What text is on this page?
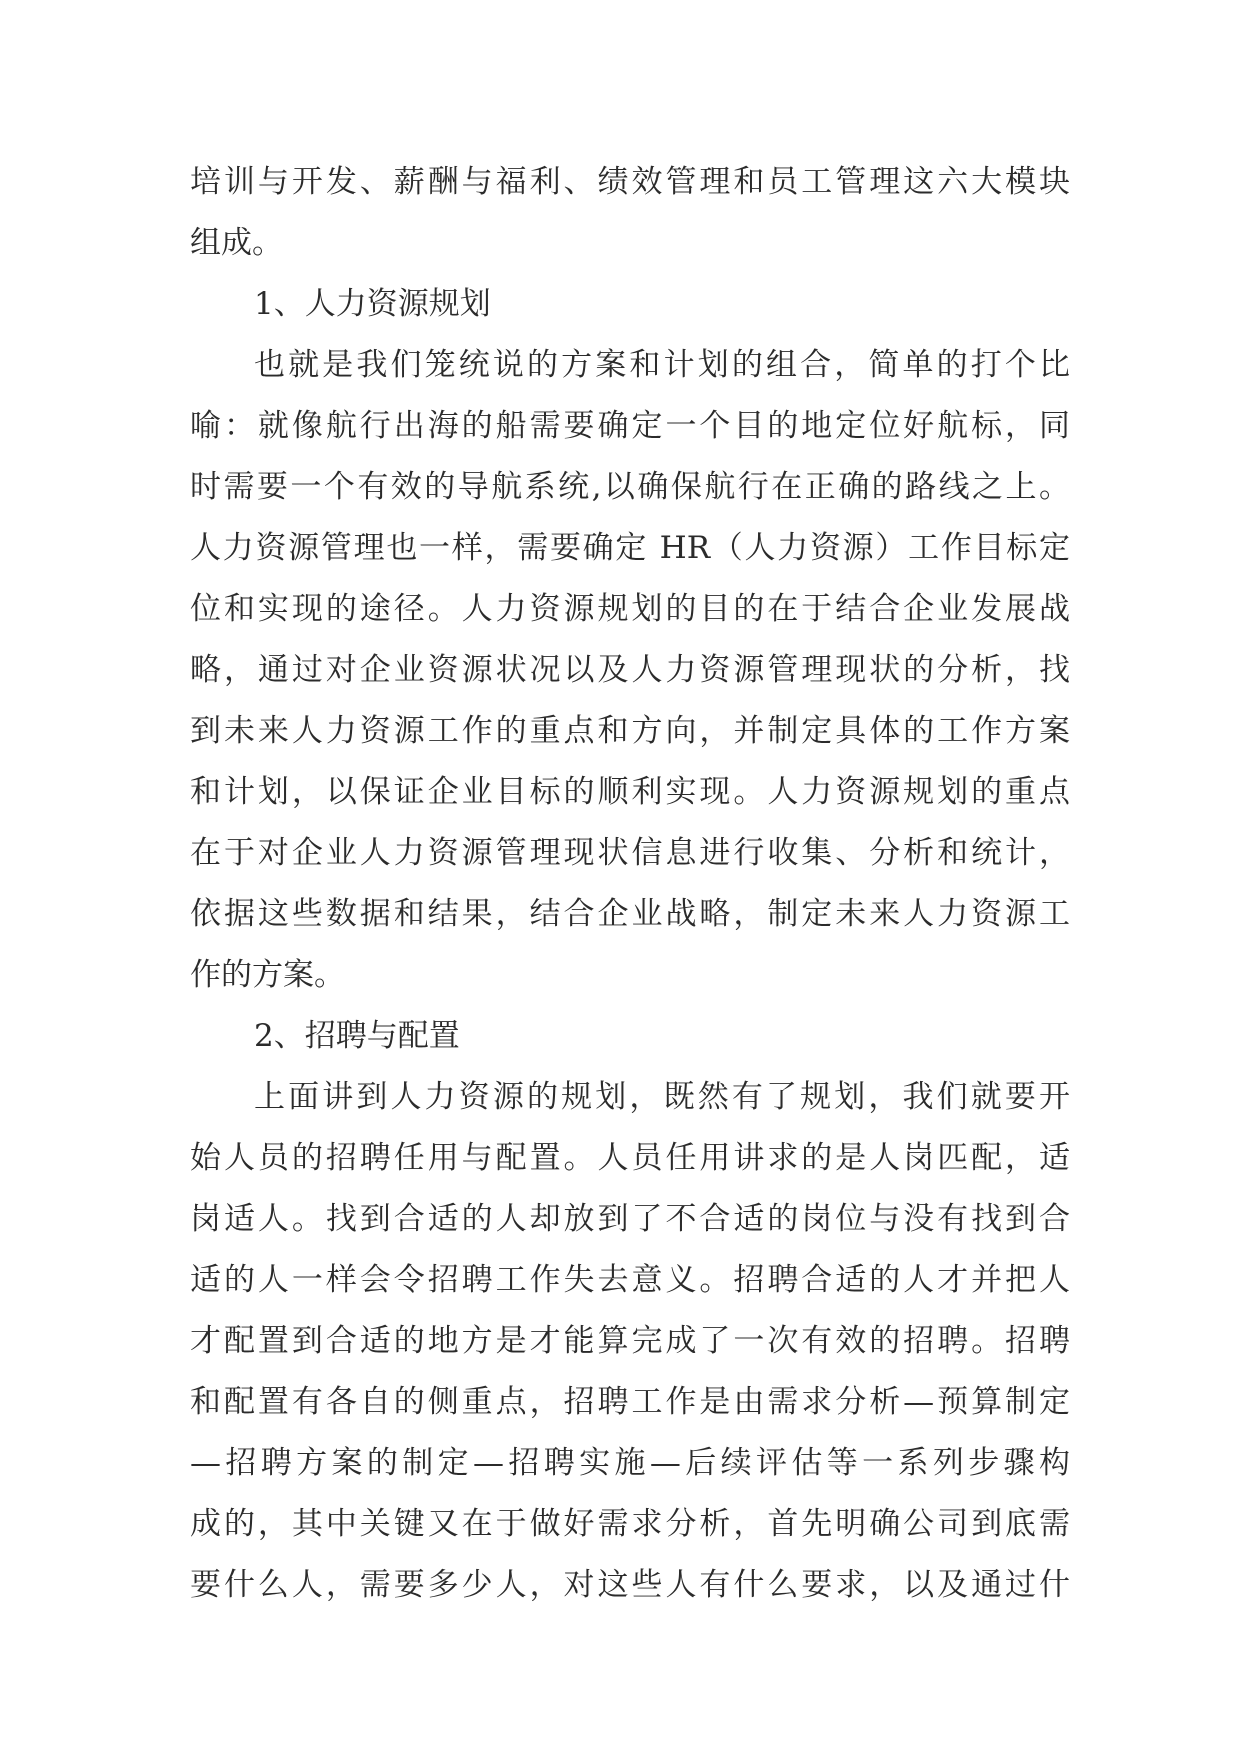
培训与开发、薪酬与福利、绩效管理和员工管理这六大模块
组成。
1、人力资源规划
也就是我们笼统说的方案和计划的组合，简单的打个比
喻：就像航行出海的船需要确定一个目的地定位好航标，同
时需要一个有效的导航系统,以确保航行在正确的路线之上。
人力资源管理也一样，需要确定 HR（人力资源）工作目标定
位和实现的途径。人力资源规划的目的在于结合企业发展战
略，通过对企业资源状况以及人力资源管理现状的分析，找
到未来人力资源工作的重点和方向，并制定具体的工作方案
和计划，以保证企业目标的顺利实现。人力资源规划的重点
在于对企业人力资源管理现状信息进行收集、分析和统计，
依据这些数据和结果，结合企业战略，制定未来人力资源工
作的方案。
2、招聘与配置
上面讲到人力资源的规划，既然有了规划，我们就要开
始人员的招聘任用与配置。人员任用讲求的是人岗匹配，适
岗适人。找到合适的人却放到了不合适的岗位与没有找到合
适的人一样会令招聘工作失去意义。招聘合适的人才并把人
才配置到合适的地方是才能算完成了一次有效的招聘。招聘
和配置有各自的侧重点，招聘工作是由需求分析—预算制定
—招聘方案的制定—招聘实施—后续评估等一系列步骤构
成的，其中关键又在于做好需求分析，首先明确公司到底需
要什么人，需要多少人，对这些人有什么要求，以及通过什
